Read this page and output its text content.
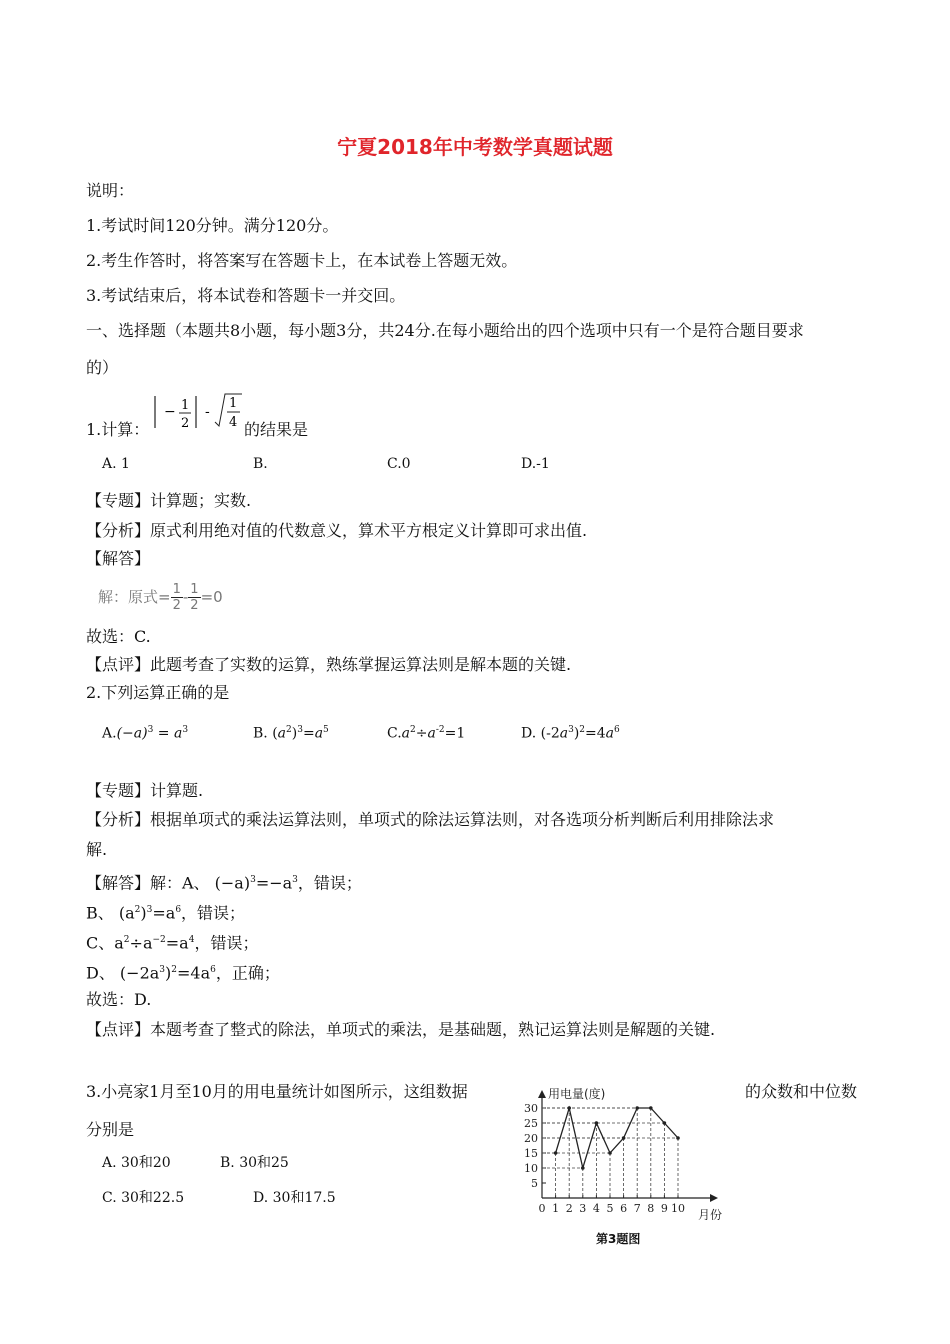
宁夏2018年中考数学真题试题
说明：
1.考试时间120分钟。满分120分。
2.考生作答时，将答案写在答题卡上，在本试卷上答题无效。
3.考试结束后，将本试卷和答题卡一并交回。
一、选择题（本题共8小题，每小题3分，共24分.在每小题给出的四个选项中只有一个是符合题目要求
的）
1.计算：
− 1
2
-
1
4 的结果是
A. 1	B.	C.0	D.-1
【专题】计算题；实数.
【分析】原式利用绝对值的代数意义，算术平方根定义计算即可求出值.
【解答】
解：原式= $\frac{1}{2} - \frac{1}{2} =0$
故选：C.
【点评】此题考查了实数的运算，熟练掌握运算法则是解本题的关键.
2.下列运算正确的是
$A.(-a)^3 = a^3$	B. $(a^2)^3=a^5$	$C.a^2\div a^{-2}=1$	D. $(-2a^3)^2=4a^6$
【专题】计算题.
【分析】根据单项式的乘法运算法则，单项式的除法运算法则，对各选项分析判断后利用排除法求
解.
【解答】解：A、 $(-a)^3=-a^3$，错误；
B、 $(a^2)^3=a^6$，错误；
C、$a^2\div a^{-2}=a^4$，错误；
D、 $(-2a^3)^2=4a^6$，正确；
故选：D.
【点评】本题考查了整式的除法，单项式的乘法，是基础题，熟记运算法则是解题的关键.
3.小亮家1月至10月的用电量统计如图所示，这组数据	的众数和中位数
分别是
A. 30和20	B. 30和25
C. 30和22.5	D. 30和17.5
用电量(度)
月份
5
10
15
20
25
30
0 1 2 3 4 5 6 7 8 9 10
第3题图
